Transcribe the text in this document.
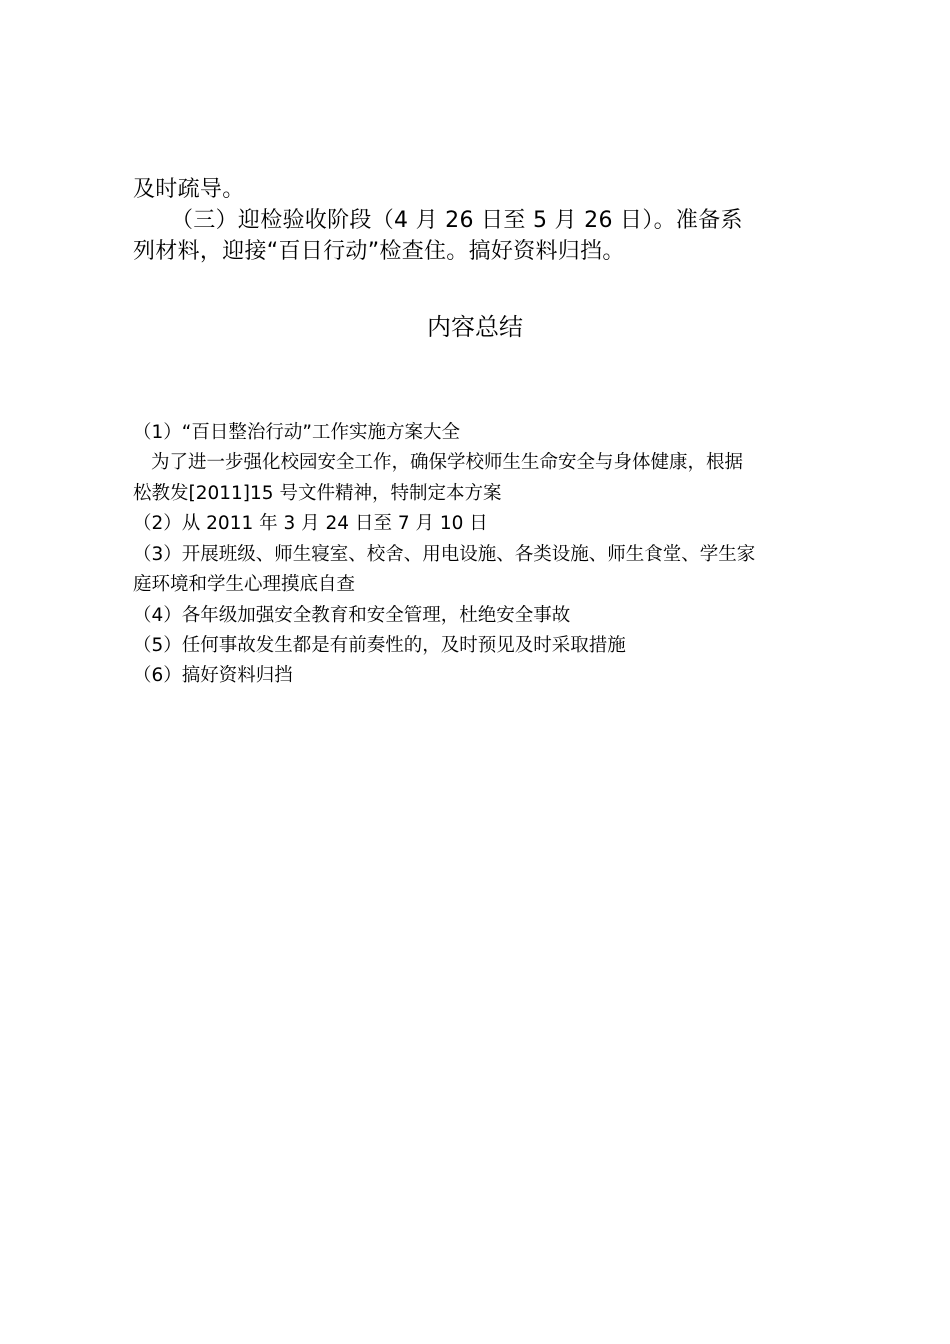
及时疏导。
（三）迎检验收阶段（4 月 26 日至 5 月 26 日）。准备系
列材料，迎接“百日行动”检查住。搞好资料归挡。
内容总结
（1）“百日整治行动”工作实施方案大全
为了进一步强化校园安全工作，确保学校师生生命安全与身体健康，根据
松教发[2011]15 号文件精神，特制定本方案
（2）从 2011 年 3 月 24 日至 7 月 10 日
（3）开展班级、师生寝室、校舍、用电设施、各类设施、师生食堂、学生家
庭环境和学生心理摸底自查
（4）各年级加强安全教育和安全管理，杜绝安全事故
（5）任何事故发生都是有前奏性的，及时预见及时采取措施
（6）搞好资料归挡
